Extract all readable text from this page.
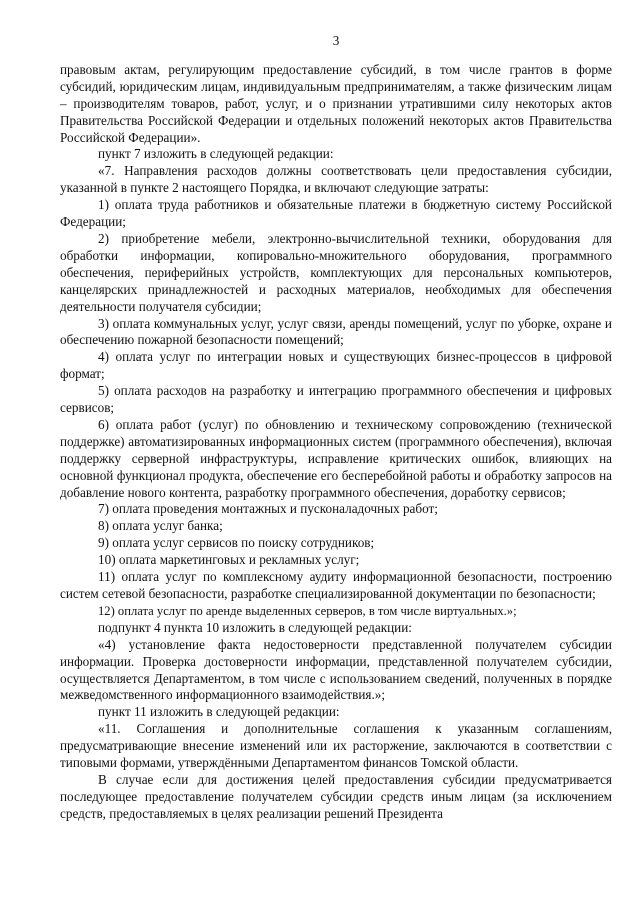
3

правовым актам, регулирующим предоставление субсидий, в том числе грантов в форме субсидий, юридическим лицам, индивидуальным предпринимателям, а также физическим лицам – производителям товаров, работ, услуг, и о признании утратившими силу некоторых актов Правительства Российской Федерации и отдельных положений некоторых актов Правительства Российской Федерации».

пункт 7 изложить в следующей редакции:

«7. Направления расходов должны соответствовать цели предоставления субсидии, указанной в пункте 2 настоящего Порядка, и включают следующие затраты:

1) оплата труда работников и обязательные платежи в бюджетную систему Российской Федерации;

2) приобретение мебели, электронно-вычислительной техники, оборудования для обработки информации, копировально-множительного оборудования, программного обеспечения, периферийных устройств, комплектующих для персональных компьютеров, канцелярских принадлежностей и расходных материалов, необходимых для обеспечения деятельности получателя субсидии;

3) оплата коммунальных услуг, услуг связи, аренды помещений, услуг по уборке, охране и обеспечению пожарной безопасности помещений;

4) оплата услуг по интеграции новых и существующих бизнес-процессов в цифровой формат;

5) оплата расходов на разработку и интеграцию программного обеспечения и цифровых сервисов;

6) оплата работ (услуг) по обновлению и техническому сопровождению (технической поддержке) автоматизированных информационных систем (программного обеспечения), включая поддержку серверной инфраструктуры, исправление критических ошибок, влияющих на основной функционал продукта, обеспечение его бесперебойной работы и обработку запросов на добавление нового контента, разработку программного обеспечения, доработку сервисов;

7) оплата проведения монтажных и пусконаладочных работ;

8) оплата услуг банка;

9) оплата услуг сервисов по поиску сотрудников;

10) оплата маркетинговых и рекламных услуг;

11) оплата услуг по комплексному аудиту информационной безопасности, построению систем сетевой безопасности, разработке специализированной документации по безопасности;

12) оплата услуг по аренде выделенных серверов, в том числе виртуальных.»;

подпункт 4 пункта 10 изложить в следующей редакции:

«4) установление факта недостоверности представленной получателем субсидии информации. Проверка достоверности информации, представленной получателем субсидии, осуществляется Департаментом, в том числе с использованием сведений, полученных в порядке межведомственного информационного взаимодействия.»;

пункт 11 изложить в следующей редакции:

«11. Соглашения и дополнительные соглашения к указанным соглашениям, предусматривающие внесение изменений или их расторжение, заключаются в соответствии с типовыми формами, утверждёнными Департаментом финансов Томской области.

В случае если для достижения целей предоставления субсидии предусматривается последующее предоставление получателем субсидии средств иным лицам (за исключением средств, предоставляемых в целях реализации решений Президента
